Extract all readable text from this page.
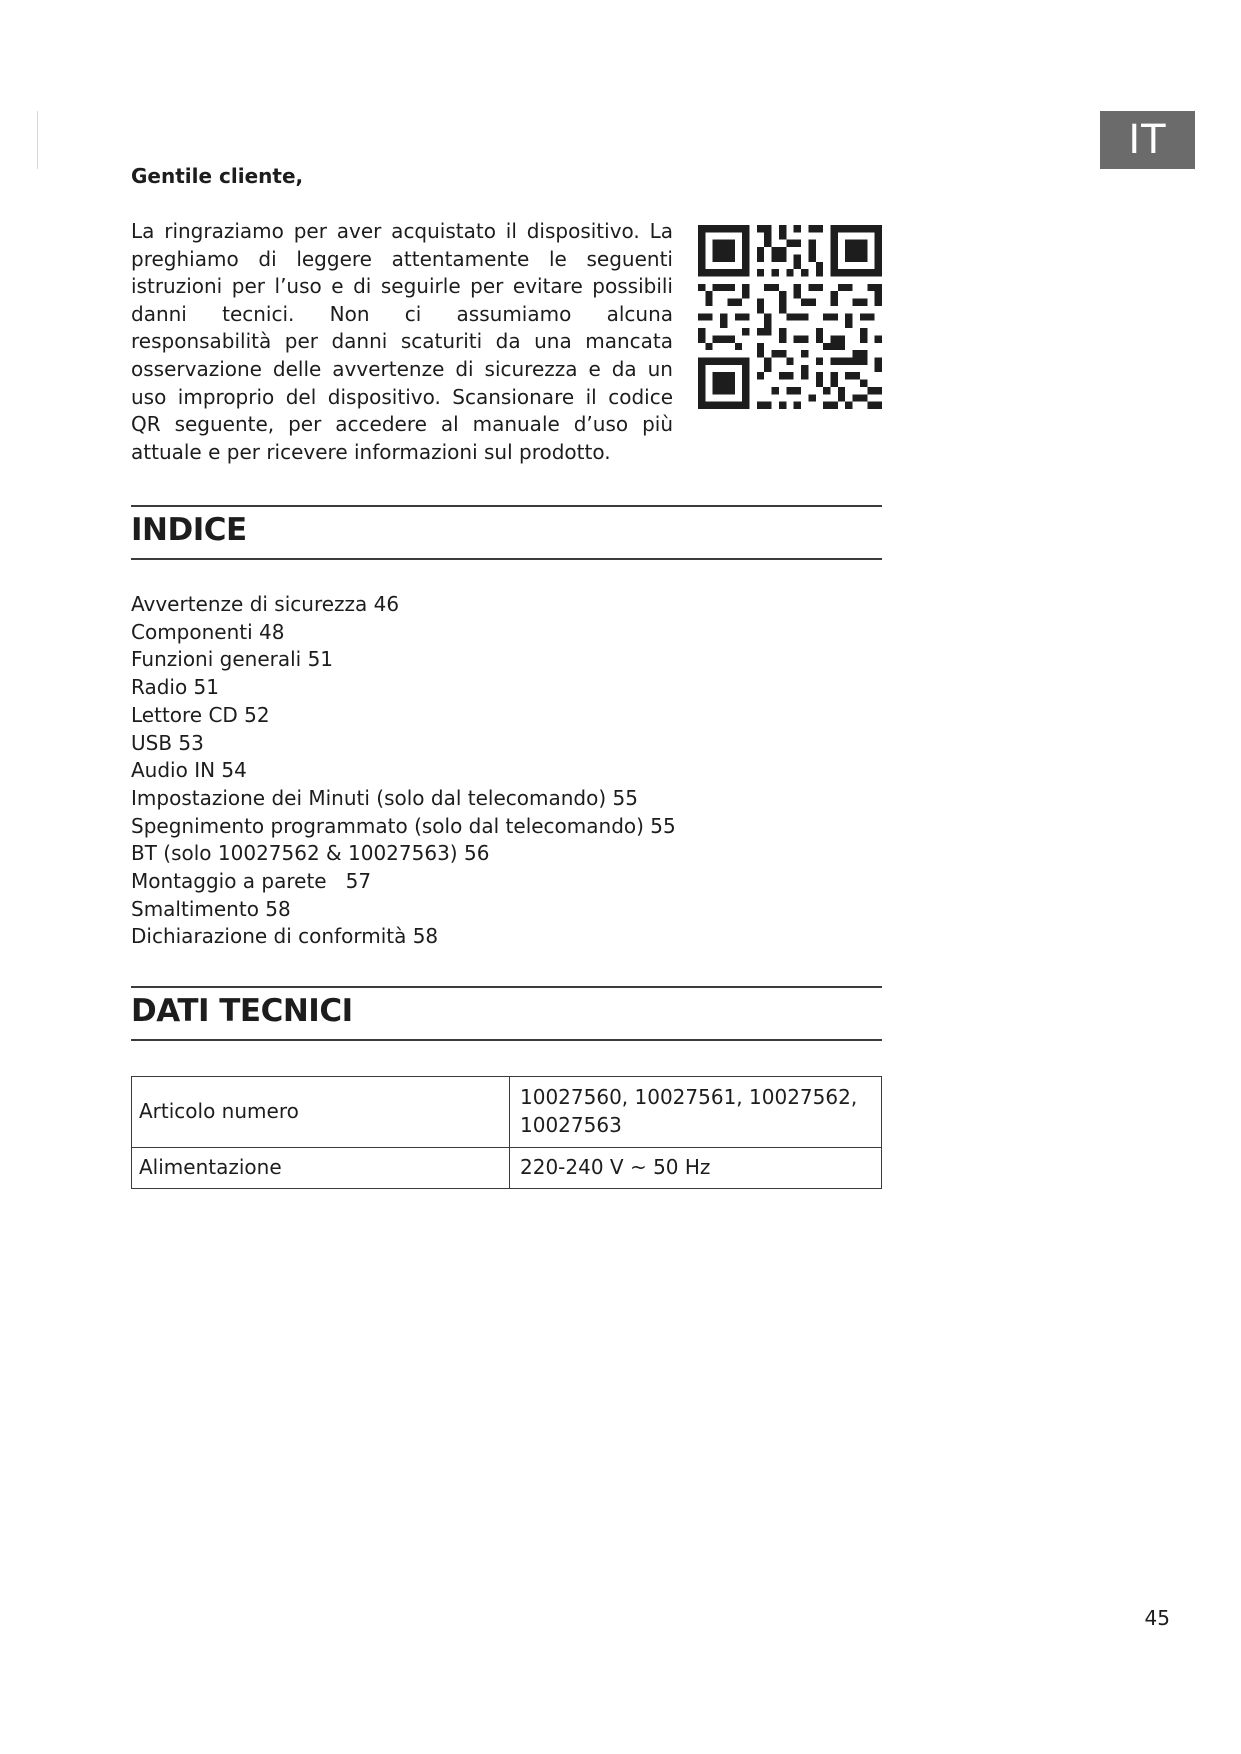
IT

Gentile cliente,

La ringraziamo per aver acquistato il dispositivo. La preghiamo di leggere attentamente le seguenti istruzioni per l’uso e di seguirle per evitare possibili danni tecnici. Non ci assumiamo alcuna responsabilità per danni scaturiti da una mancata osservazione delle avvertenze di sicurezza e da un uso improprio del dispositivo. Scansionare il codice QR seguente, per accedere al manuale d’uso più attuale e per ricevere informazioni sul prodotto.

INDICE
Avvertenze di sicurezza 46
Componenti 48
Funzioni generali 51
Radio 51
Lettore CD 52
USB 53
Audio IN 54
Impostazione dei Minuti (solo dal telecomando) 55
Spegnimento programmato (solo dal telecomando) 55
BT (solo 10027562 & 10027563) 56
Montaggio a parete   57
Smaltimento 58
Dichiarazione di conformità 58
DATI TECNICI
Articolo numero	10027560, 10027561, 10027562, 10027563
Alimentazione	220-240 V ~ 50 Hz
45
